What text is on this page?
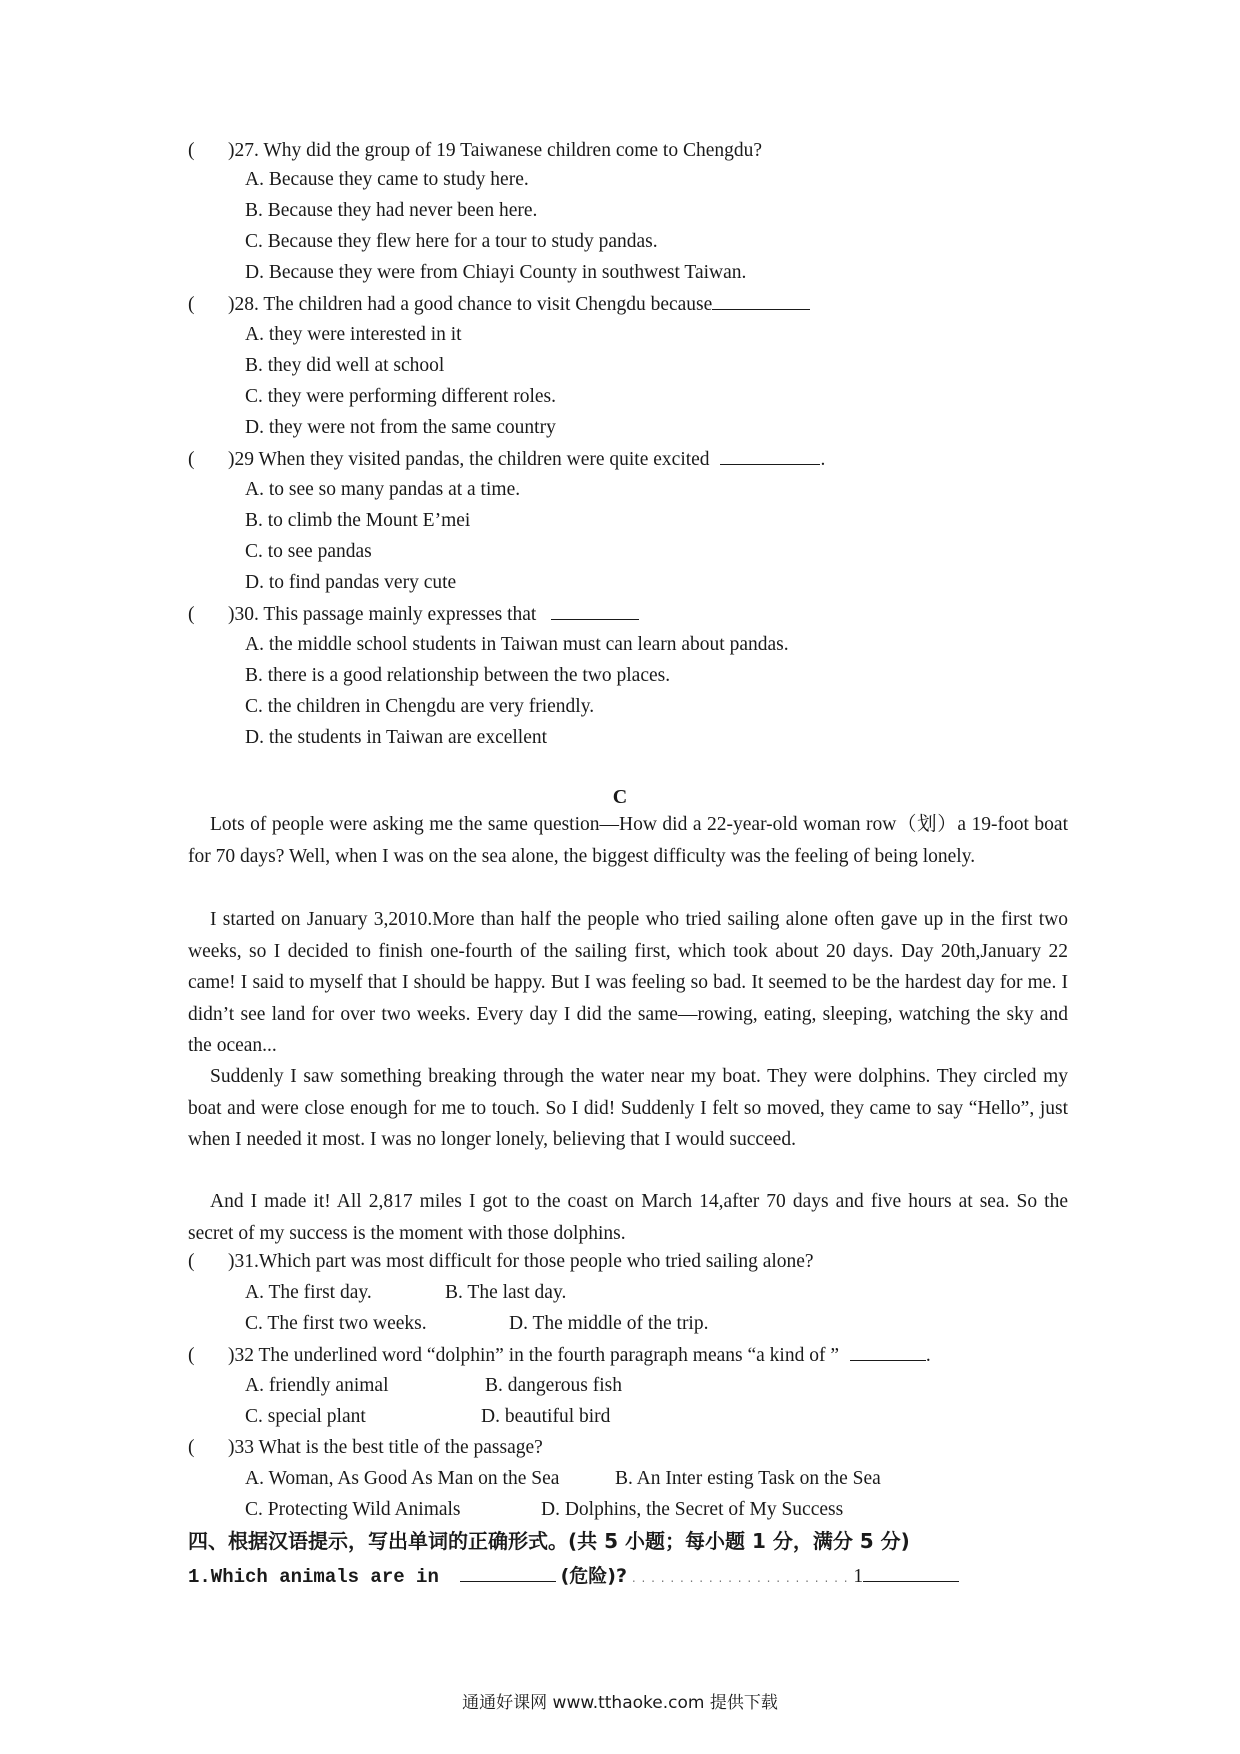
( )27. Why did the group of 19 Taiwanese children come to Chengdu?
A. Because they came to study here.
B. Because they had never been here.
C. Because they flew here for a tour to study pandas.
D. Because they were from Chiayi County in southwest Taiwan.
( )28. The children had a good chance to visit Chengdu because
A. they were interested in it
B. they did well at school
C. they were performing different roles.
D. they were not from the same country
( )29 When they visited pandas, the children were quite excited	.
A. to see so many pandas at a time.
B. to climb the Mount E’mei
C. to see pandas
D. to find pandas very cute
( )30. This passage mainly expresses that
A. the middle school students in Taiwan must can learn about pandas.
B. there is a good relationship between the two places.
C. the children in Chengdu are very friendly.
D. the students in Taiwan are excellent
C
Lots of people were asking me the same question—How did a 22-year-old woman row（划）a 19-foot boat for 70 days? Well, when I was on the sea alone, the biggest difficulty was the feeling of being lonely.
I started on January 3,2010.More than half the people who tried sailing alone often gave up in the first two weeks, so I decided to finish one-fourth of the sailing first, which took about 20 days. Day 20th,January 22 came! I said to myself that I should be happy. But I was feeling so bad. It seemed to be the hardest day for me. I didn’t see land for over two weeks. Every day I did the same—rowing, eating, sleeping, watching the sky and the ocean...
Suddenly I saw something breaking through the water near my boat. They were dolphins. They circled my boat and were close enough for me to touch. So I did! Suddenly I felt so moved, they came to say “Hello”, just when I needed it most. I was no longer lonely, believing that I would succeed.
And I made it! All 2,817 miles I got to the coast on March 14,after 70 days and five hours at sea. So the secret of my success is the moment with those dolphins.
( )31.Which part was most difficult for those people who tried sailing alone?
A. The first day.	B. The last day.
C. The first two weeks.	D. The middle of the trip.
( )32 The underlined word “dolphin” in the fourth paragraph means “a kind of ”	.
A. friendly animal	B. dangerous fish
C. special plant	D. beautiful bird
( )33 What is the best title of the passage?
A. Woman, As Good As Man on the Sea	B. An Inter esting Task on the Sea
C. Protecting Wild Animals	D. Dolphins, the Secret of My Success
四、根据汉语提示，写出单词的正确形式。(共 5 小题；每小题 1 分，满分 5 分)
1.Which animals are in	(危险)? . . . . . . . . . . . . . . . . . . . . . . . 1
通通好课网 www.tthaoke.com 提供下载
